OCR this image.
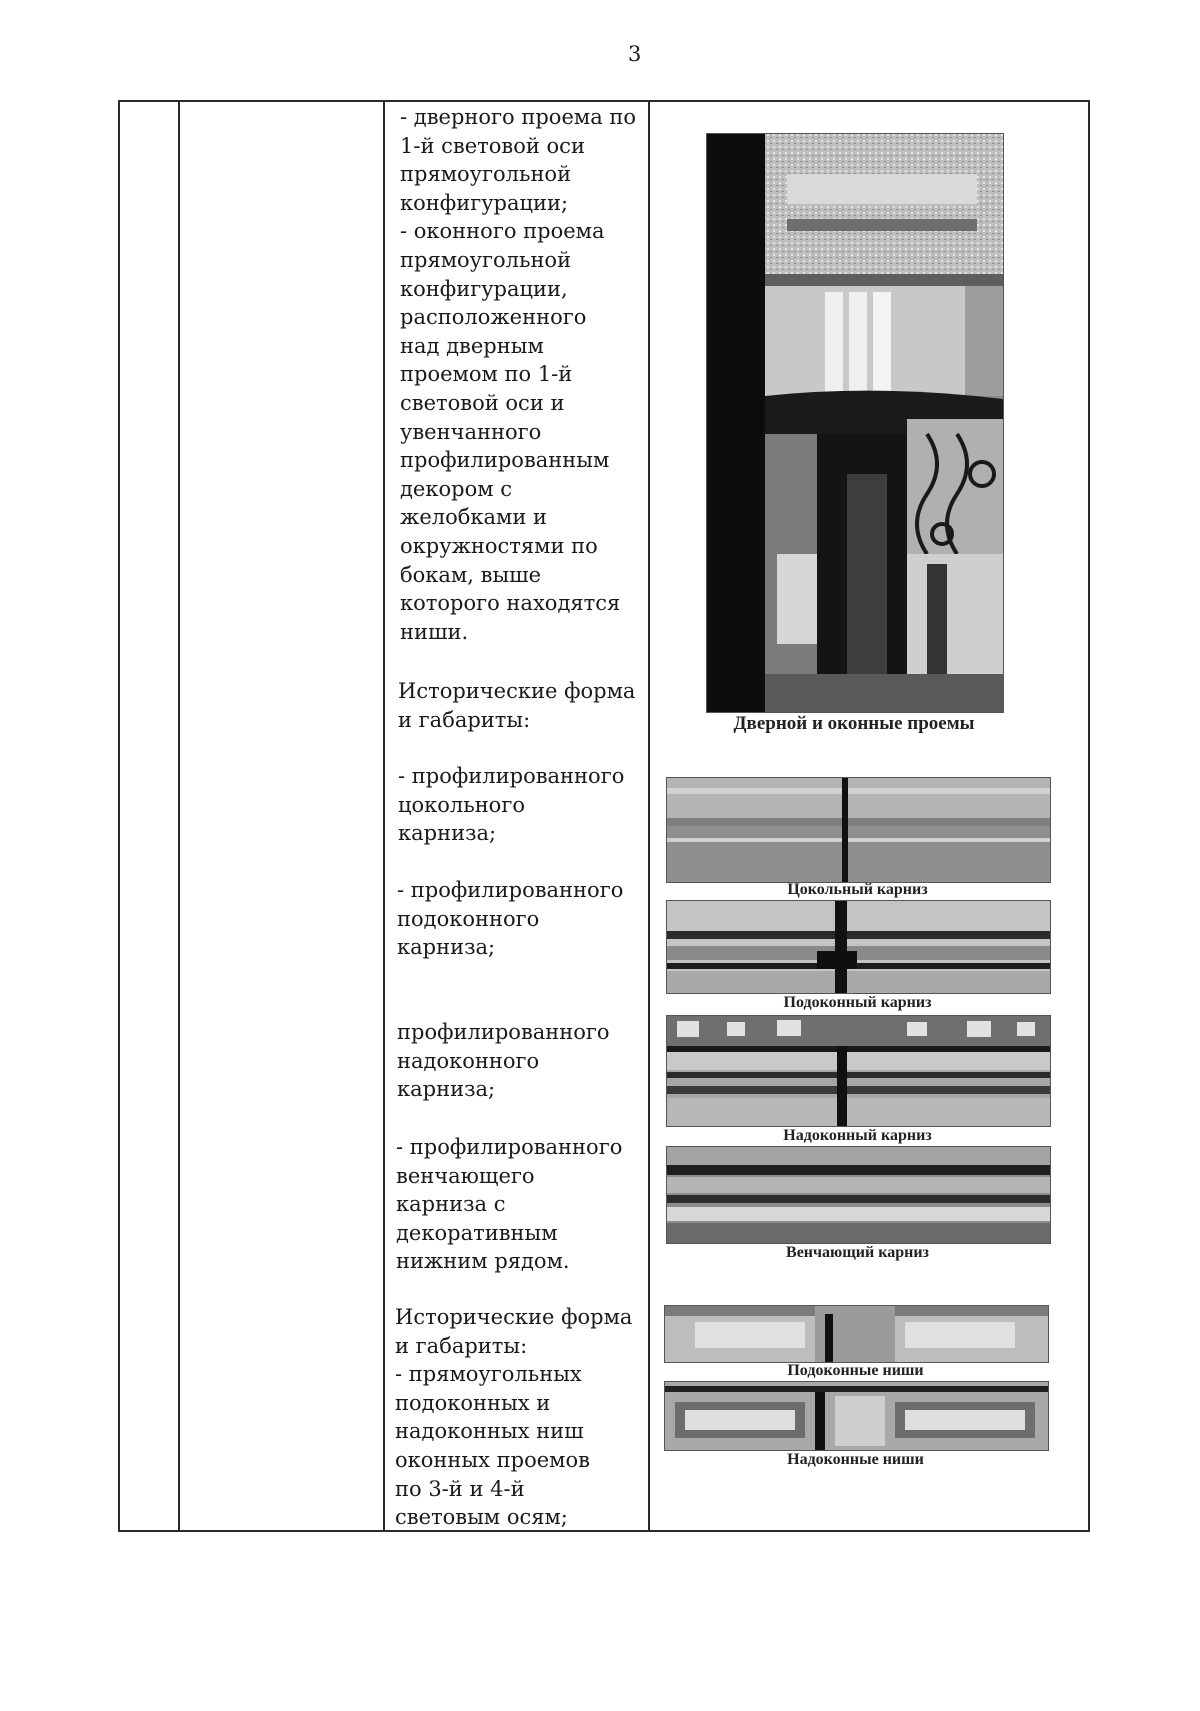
3
- дверного проема по
1-й световой оси
прямоугольной
конфигурации;
- оконного проема
прямоугольной
конфигурации,
расположенного
над дверным
проемом по 1-й
световой оси и
увенчанного
профилированным
декором с
желобками и
окружностями по
бокам, выше
которого находятся
ниши.
Исторические форма
и габариты:
- профилированного
цокольного
карниза;
- профилированного
подоконного
карниза;
профилированного
надоконного
карниза;
- профилированного
венчающего
карниза с
декоративным
нижним рядом.
Исторические форма
и габариты:
- прямоугольных
подоконных и
надоконных ниш
оконных проемов
по 3-й и 4-й
световым осям;
Дверной и оконные проемы
Цокольный карниз
Подоконный карниз
Надоконный карниз
Венчающий карниз
Подоконные ниши
Надоконные ниши
